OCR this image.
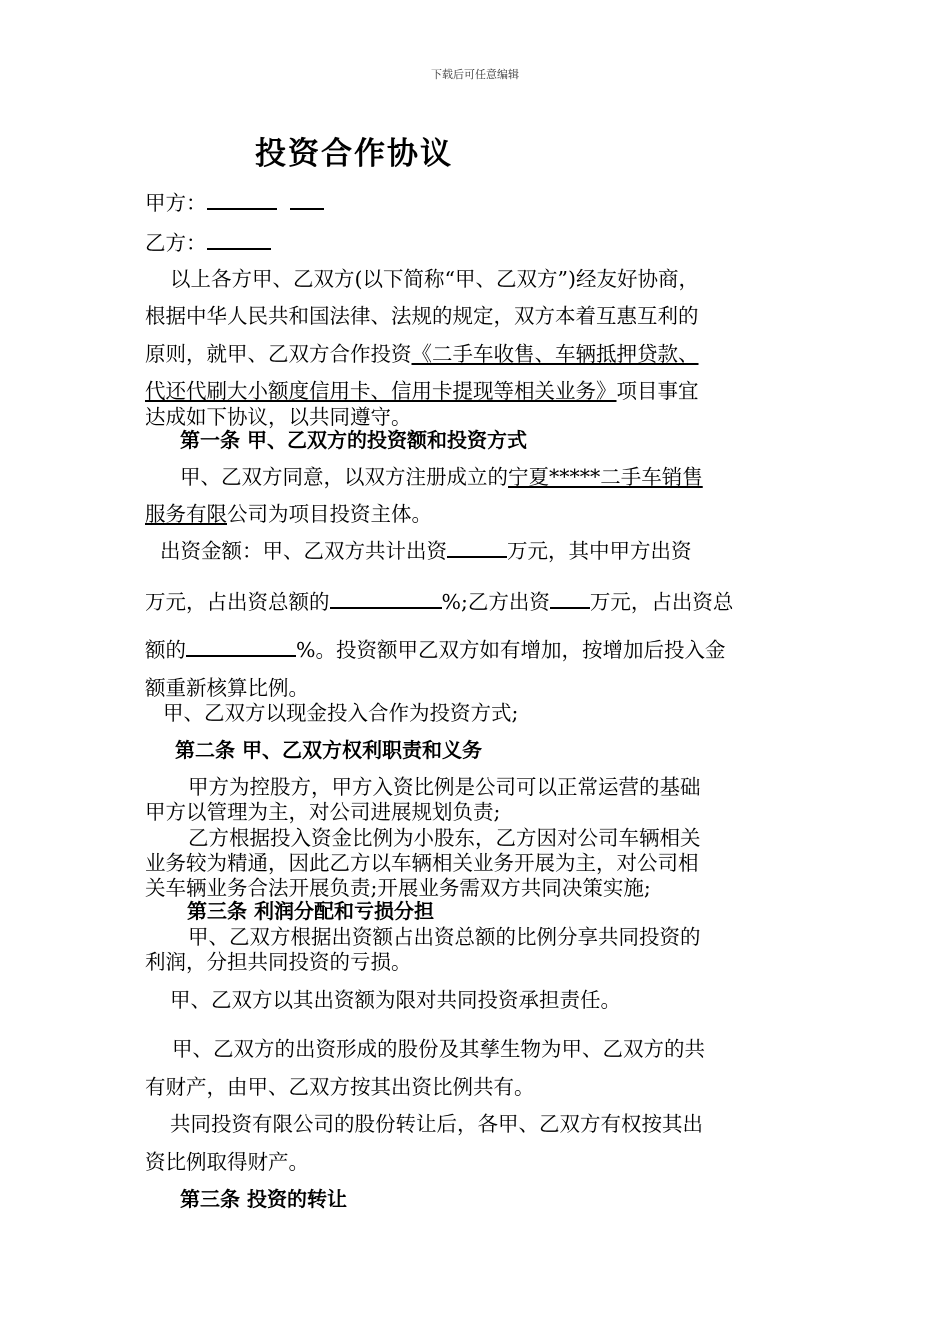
下载后可任意编辑
投资合作协议
甲方：
乙方：
以上各方甲、乙双方(以下简称“甲、乙双方”)经友好协商，
根据中华人民共和国法律、法规的规定，双方本着互惠互利的
原则，就甲、乙双方合作投资《二手车收售、车辆抵押贷款、
代还代刷大小额度信用卡、信用卡提现等相关业务》项目事宜
达成如下协议，以共同遵守。
第一条 甲、乙双方的投资额和投资方式
甲、乙双方同意，以双方注册成立的宁夏*****二手车销售
服务有限公司为项目投资主体。
出资金额：甲、乙双方共计出资	万元，其中甲方出资
万元，占出资总额的	%;乙方出资 万元，占出资总
额的	%。投资额甲乙双方如有增加，按增加后投入金
额重新核算比例。
甲、乙双方以现金投入合作为投资方式;
第二条 甲、乙双方权利职责和义务
甲方为控股方，甲方入资比例是公司可以正常运营的基础
甲方以管理为主，对公司进展规划负责;
乙方根据投入资金比例为小股东，乙方因对公司车辆相关
业务较为精通，因此乙方以车辆相关业务开展为主，对公司相
关车辆业务合法开展负责;开展业务需双方共同决策实施;
第三条 利润分配和亏损分担
甲、乙双方根据出资额占出资总额的比例分享共同投资的
利润，分担共同投资的亏损。
甲、乙双方以其出资额为限对共同投资承担责任。
甲、乙双方的出资形成的股份及其孳生物为甲、乙双方的共
有财产，由甲、乙双方按其出资比例共有。
共同投资有限公司的股份转让后，各甲、乙双方有权按其出
资比例取得财产。
第三条 投资的转让
